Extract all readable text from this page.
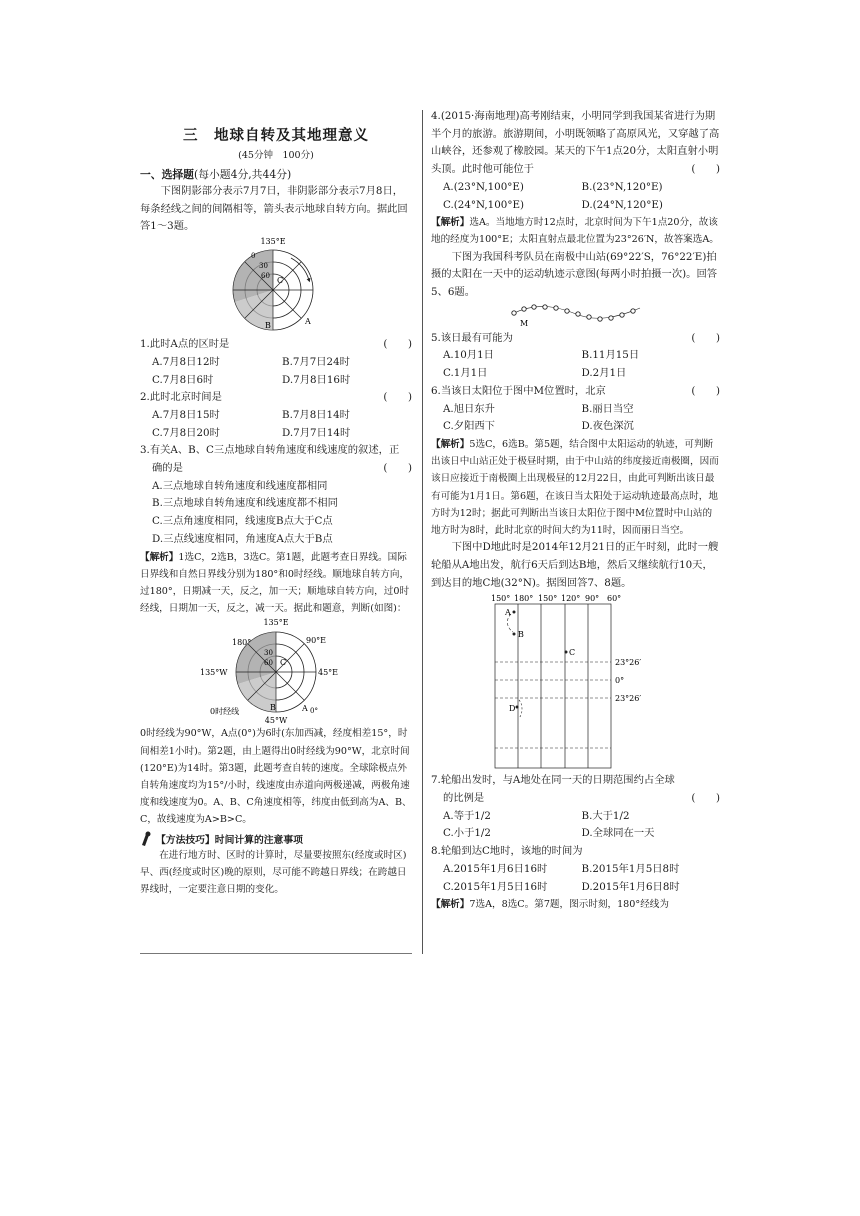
三　地球自转及其地理意义

(45分钟　100分)

一、选择题(每小题4分,共44分)

下图阴影部分表示7月7日，非阴影部分表示7月8日，每条经线之间的间隔相等，箭头表示地球自转方向。据此回答1～3题。

135°E
0
30
60 C
B	A

1.此时A点的区时是	(　　)

A.7月8日12时	B.7月7日24时
C.7月8日6时	D.7月8日16时

2.此时北京时间是	(　　)

A.7月8日15时	B.7月8日14时
C.7月8日20时	D.7月7日14时

3.有关A、B、C三点地球自转角速度和线速度的叙述，正

确的是	(　　)

A.三点地球自转角速度和线速度都相同

B.三点地球自转角速度和线速度都不相同

C.三点角速度相同，线速度B点大于C点

D.三点线速度相同，角速度A点大于B点

【解析】1选C，2选B，3选C。第1题，此题考查日界线。国际日界线和自然日界线分别为180°和0时经线。顺地球自转方向，过180°，日期减一天，反之，加一天；顺地球自转方向，过0时经线，日期加一天，反之，减一天。据此和题意，判断(如图)：

135°E
180°	90°E
135°W	45°E
45°W
0时经线
30
60 C
B	A 0°

0时经线为90°W，A点(0°)为6时(东加西减，经度相差15°，时间相差1小时)。第2题，由上题得出0时经线为90°W，北京时间(120°E)为14时。第3题，此题考查自转的速度。全球除极点外自转角速度均为15°/小时，线速度由赤道向两极递减，两极角速度和线速度为0。A、B、C角速度相等，纬度由低到高为A、B、C，故线速度为A>B>C。

【方法技巧】时间计算的注意事项

在进行地方时、区时的计算时，尽量要按照东(经度或时区)早、西(经度或时区)晚的原则，尽可能不跨越日界线；在跨越日界线时，一定要注意日期的变化。

4.(2015·海南地理)高考刚结束，小明同学到我国某省进行为期半个月的旅游。旅游期间，小明既领略了高原风光，又穿越了高山峡谷，还参观了橡胶园。某天的下午1点20分，太阳直射小明头顶。此时他可能位于	(　　)

A.(23°N,100°E)	B.(23°N,120°E)
C.(24°N,100°E)	D.(24°N,120°E)

【解析】选A。当地地方时12点时，北京时间为下午1点20分，故该地的经度为100°E；太阳直射点最北位置为23°26′N，故答案选A。

下图为我国科考队员在南极中山站(69°22′S，76°22′E)拍摄的太阳在一天中的运动轨迹示意图(每两小时拍摄一次)。回答5、6题。

M

5.该日最有可能为	(　　)

A.10月1日	B.11月15日
C.1月1日	D.2月1日

6.当该日太阳位于图中M位置时，北京	(　　)

A.旭日东升	B.丽日当空
C.夕阳西下	D.夜色深沉

【解析】5选C，6选B。第5题，结合图中太阳运动的轨迹，可判断出该日中山站正处于极昼时期，由于中山站的纬度接近南极圈，因而该日应接近于南极圈上出现极昼的12月22日，由此可判断出该日最有可能为1月1日。第6题，在该日当太阳处于运动轨迹最高点时，地方时为12时；据此可判断出当该日太阳位于图中M位置时中山站的地方时为8时，此时北京的时间大约为11时，因而丽日当空。

下图中D地此时是2014年12月21日的正午时刻，此时一艘轮船从A地出发，航行6天后到达B地，然后又继续航行10天，到达目的地C地(32°N)。据图回答7、8题。

150° 180° 150° 120° 90° 60°
23°26′
0°
23°26′
A
B
C
D

7.轮船出发时，与A地处在同一天的日期范围约占全球

的比例是	(　　)

A.等于1/2	B.大于1/2
C.小于1/2	D.全球同在一天

8.轮船到达C地时，该地的时间为

A.2015年1月6日16时	B.2015年1月5日8时
C.2015年1月5日16时	D.2015年1月6日8时

【解析】7选A，8选C。第7题，图示时刻，180°经线为
